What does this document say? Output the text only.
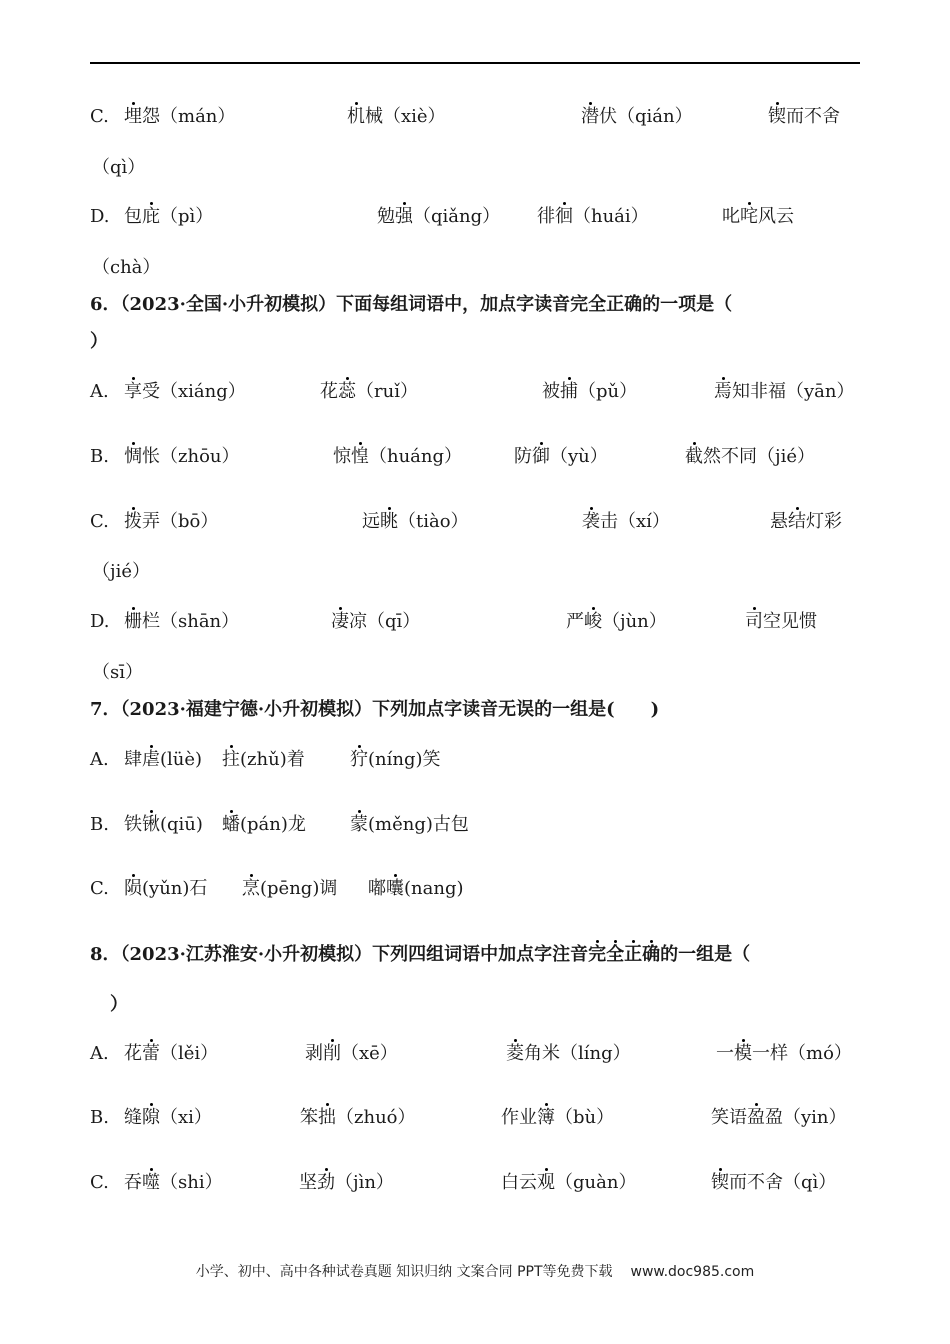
C. 埋怨（mán）	机械（xiè）	潜伏（qián）	锲而不舍
（qì）
D. 包庇（pì）	勉强（qiǎng） 徘徊（huái）	叱咤风云
（chà）
6．（2023·全国·小升初模拟）下面每组词语中，加点字读音完全正确的一项是（
）
A. 享受（xiáng）	花蕊（ruǐ）	被捕（pǔ）	焉知非福（yān）
B. 惆怅（zhōu）	惊惶（huáng）	防御（yù）	截然不同（jié）
C. 拨弄（bō）	远眺（tiào）	袭击（xí）	悬结灯彩
（jié）
D. 栅栏（shān）	凄凉（qī）	严峻（jùn）	司空见惯
（sī）
7．（2023·福建宁德·小升初模拟）下列加点字读音无误的一组是(　　)
A. 肆虐(lüè) 拄(zhǔ)着	狞(níng)笑
B. 铁锹(qiū) 蟠(pán)龙 蒙(měng)古包
C. 陨(yǔn)石 烹(pēng)调 嘟囔(nang)
8．（2023·江苏淮安·小升初模拟）下列四组词语中加点字注音完全正确的一组是（
）
A. 花蕾（lěi）	剥削（xē）	菱角米（líng）	一模一样（mó）
B. 缝隙（xi）	笨拙（zhuó）	作业簿（bù）	笑语盈盈（yin）
C. 吞噬（shi）	坚劲（jìn）	白云观（guàn）	锲而不舍（qì）
小学、初中、高中各种试卷真题 知识归纳 文案合同 PPT等免费下载 www.doc985.com
